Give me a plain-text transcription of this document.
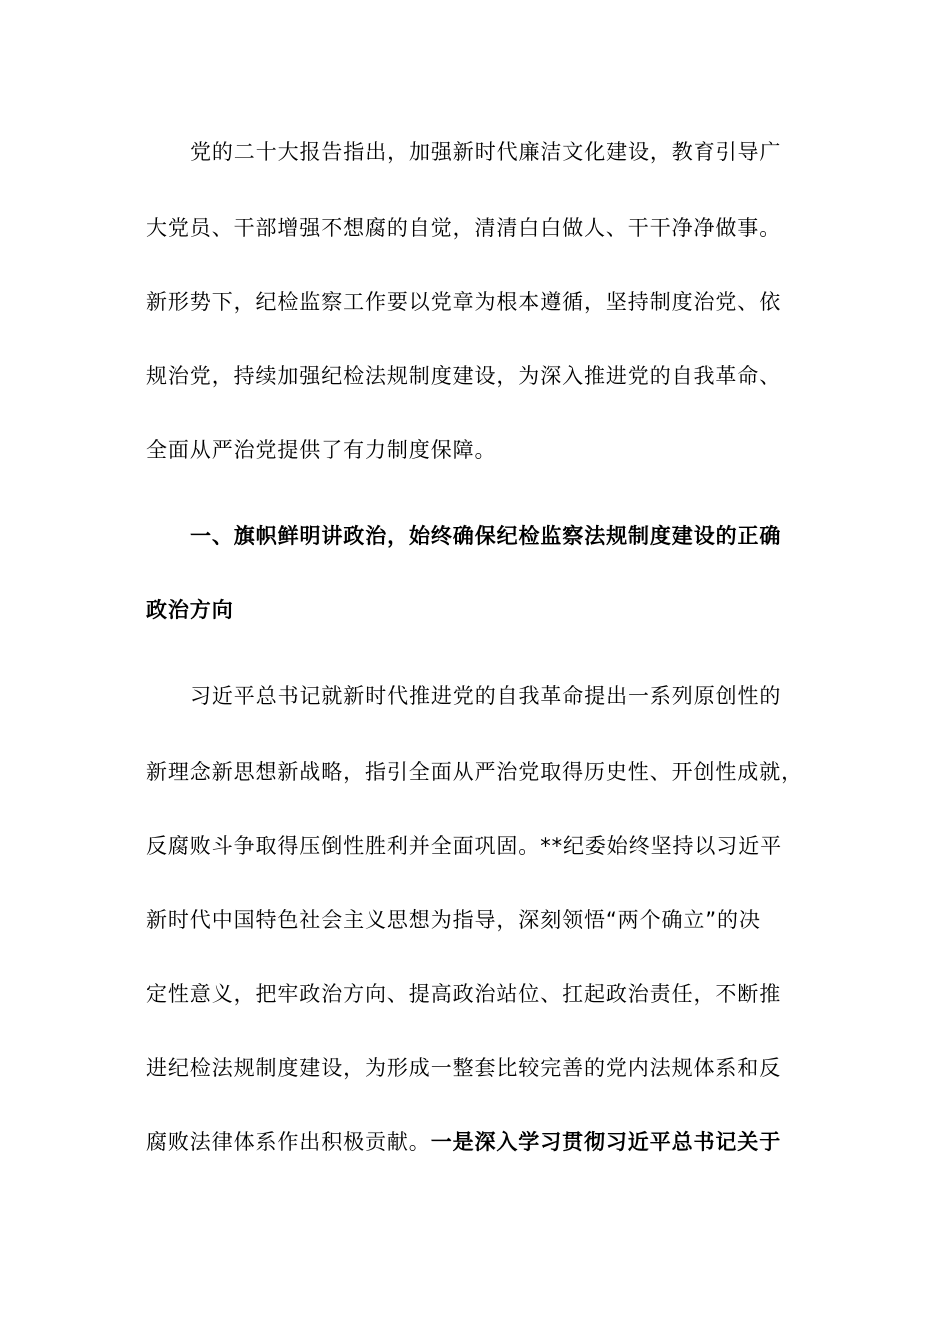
党的二十大报告指出，加强新时代廉洁文化建设，教育引导广
大党员、干部增强不想腐的自觉，清清白白做人、干干净净做事。
新形势下，纪检监察工作要以党章为根本遵循，坚持制度治党、依
规治党，持续加强纪检法规制度建设，为深入推进党的自我革命、
全面从严治党提供了有力制度保障。
一、旗帜鲜明讲政治，始终确保纪检监察法规制度建设的正确
政治方向
习近平总书记就新时代推进党的自我革命提出一系列原创性的
新理念新思想新战略，指引全面从严治党取得历史性、开创性成就，
反腐败斗争取得压倒性胜利并全面巩固。**纪委始终坚持以习近平
新时代中国特色社会主义思想为指导，深刻领悟“两个确立”的决
定性意义，把牢政治方向、提高政治站位、扛起政治责任，不断推
进纪检法规制度建设，为形成一整套比较完善的党内法规体系和反
腐败法律体系作出积极贡献。一是深入学习贯彻习近平总书记关于
